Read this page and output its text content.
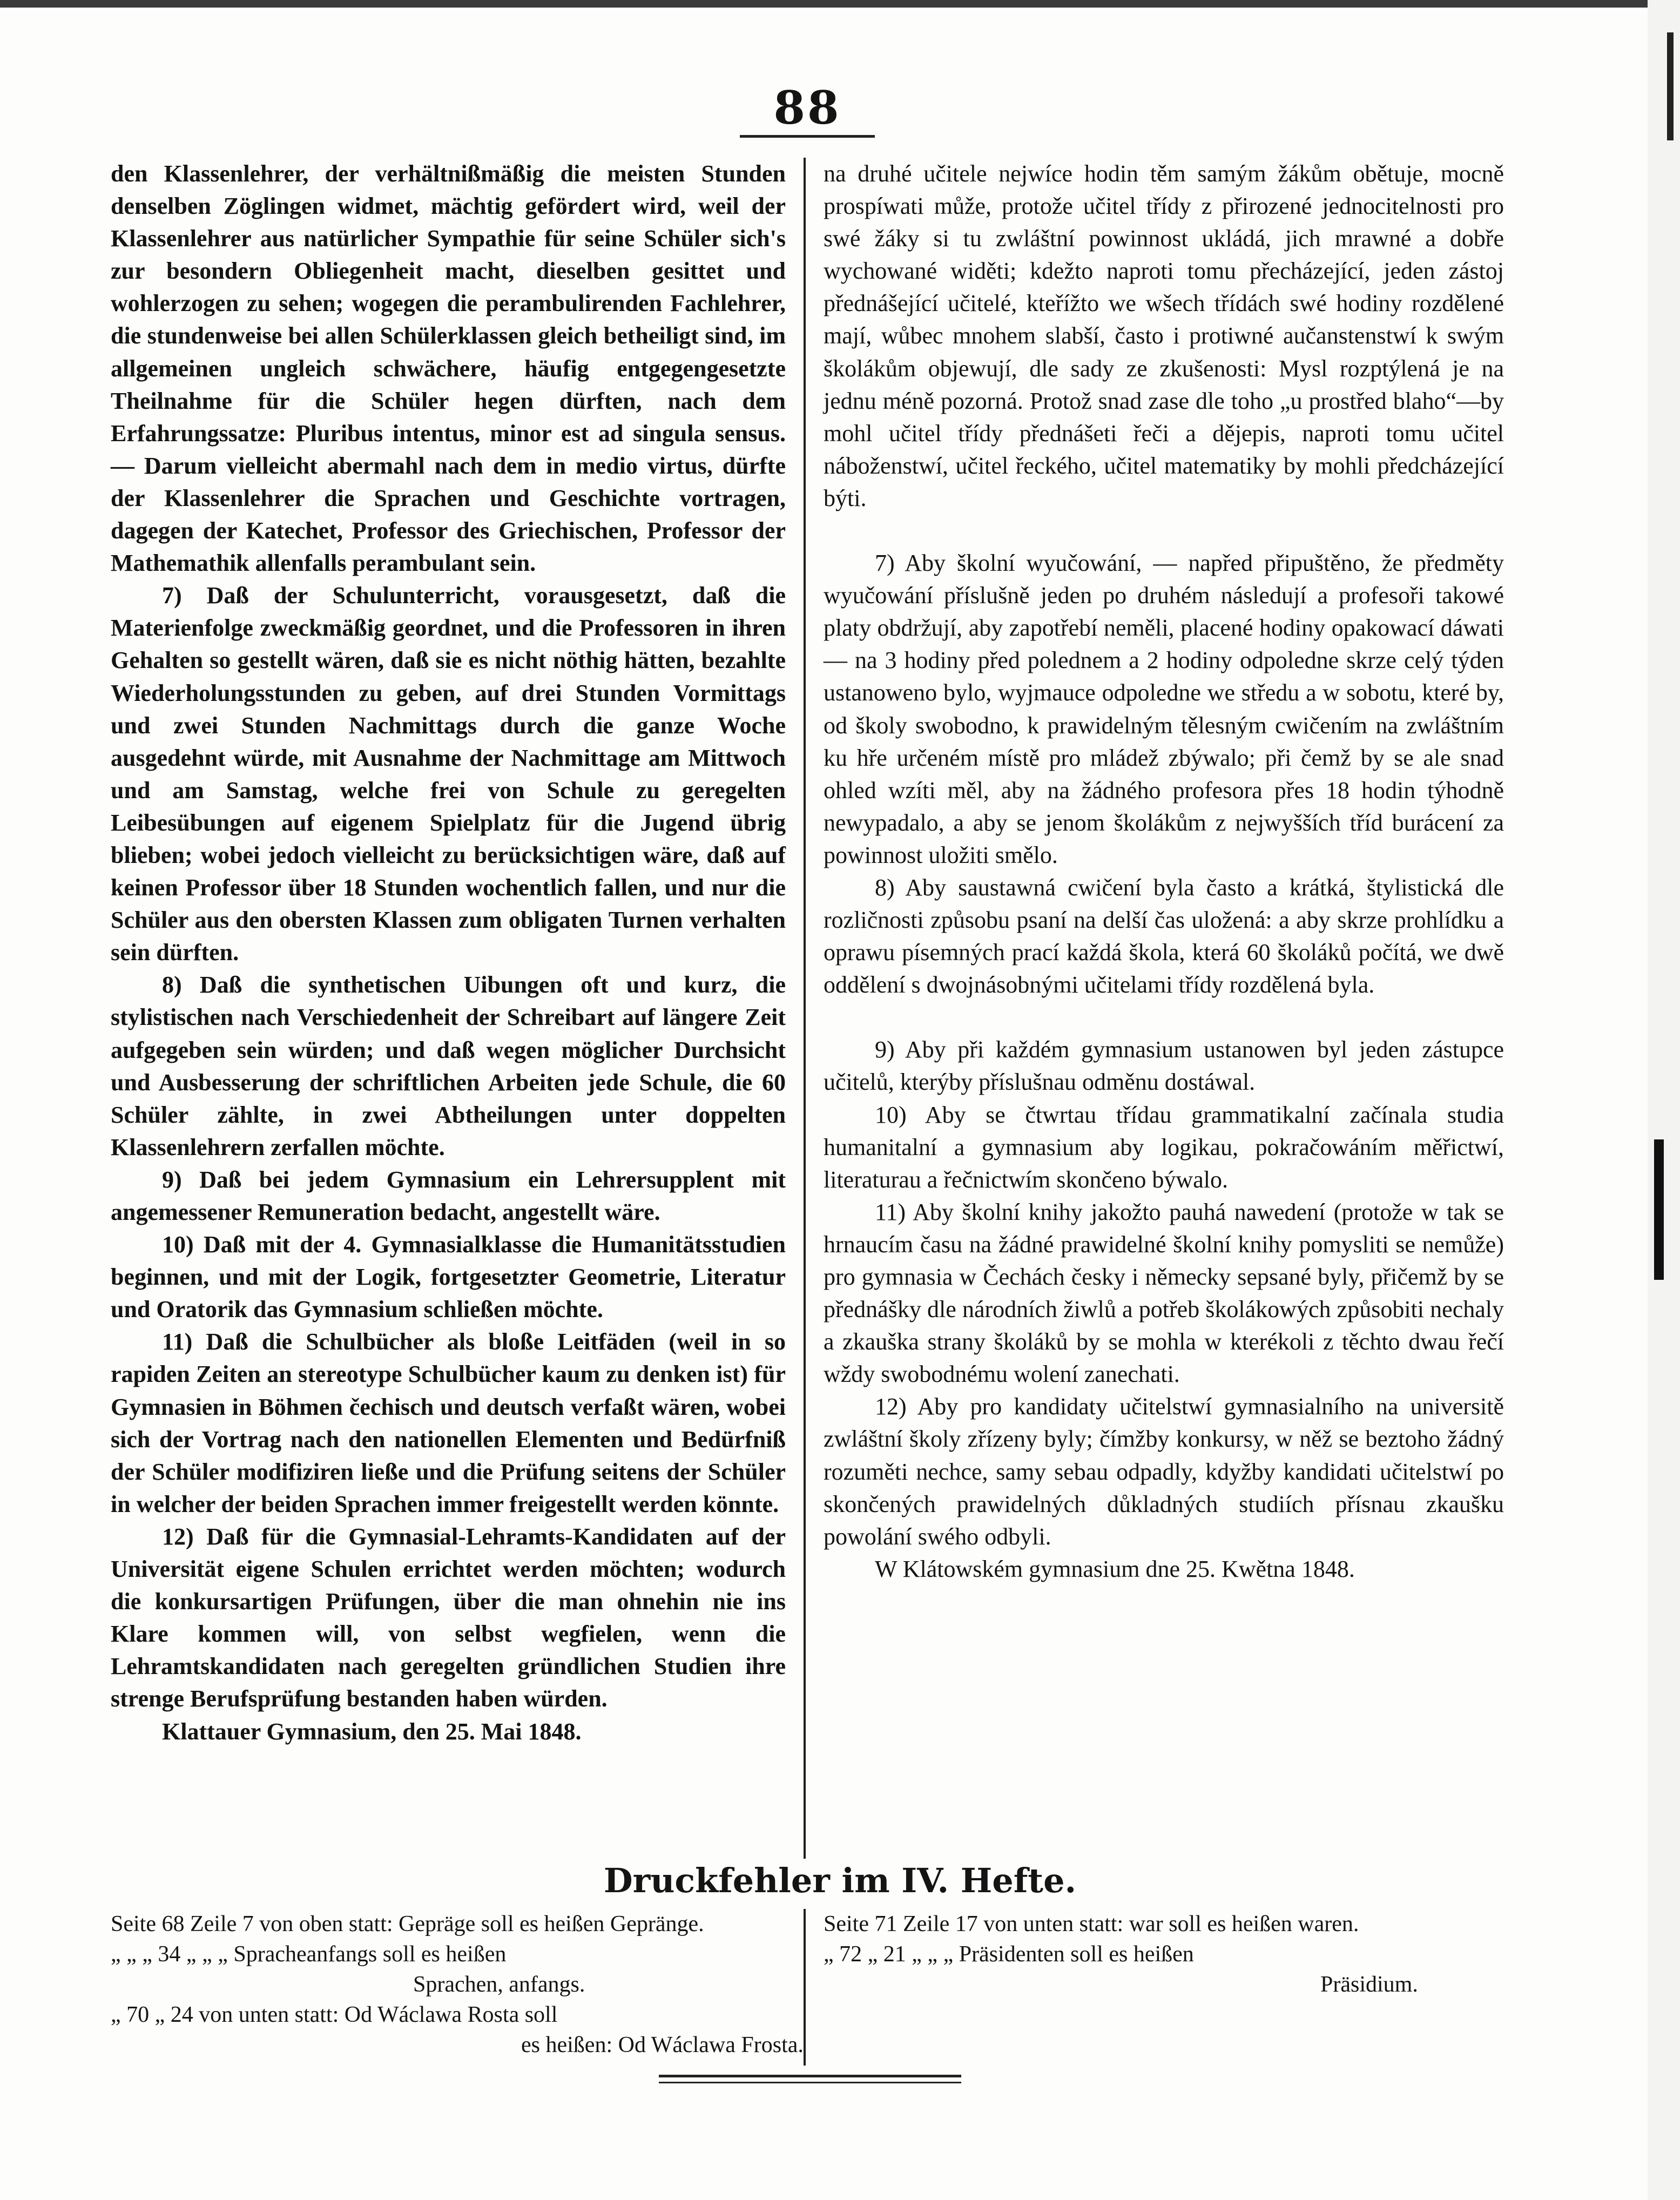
88

den Klassenlehrer, der verhältnißmäßig die meisten Stunden denselben Zöglingen widmet, mächtig gefördert wird, weil der Klassenlehrer aus natürlicher Sympathie für seine Schüler sich's zur besondern Obliegenheit macht, dieselben gesittet und wohlerzogen zu sehen; wogegen die perambulirenden Fachlehrer, die stundenweise bei allen Schülerklassen gleich betheiligt sind, im allgemeinen ungleich schwächere, häufig entgegengesetzte Theilnahme für die Schüler hegen dürften, nach dem Erfahrungssatze: Pluribus intentus, minor est ad singula sensus. — Darum vielleicht abermahl nach dem in medio virtus, dürfte der Klassenlehrer die Sprachen und Geschichte vortragen, dagegen der Katechet, Professor des Griechischen, Professor der Mathemathik allenfalls perambulant sein.

7) Daß der Schulunterricht, vorausgesetzt, daß die Materienfolge zweckmäßig geordnet, und die Professoren in ihren Gehalten so gestellt wären, daß sie es nicht nöthig hätten, bezahlte Wiederholungsstunden zu geben, auf drei Stunden Vormittags und zwei Stunden Nachmittags durch die ganze Woche ausgedehnt würde, mit Ausnahme der Nachmittage am Mittwoch und am Samstag, welche frei von Schule zu geregelten Leibesübungen auf eigenem Spielplatz für die Jugend übrig blieben; wobei jedoch vielleicht zu berücksichtigen wäre, daß auf keinen Professor über 18 Stunden wochentlich fallen, und nur die Schüler aus den obersten Klassen zum obligaten Turnen verhalten sein dürften.

8) Daß die synthetischen Uibungen oft und kurz, die stylistischen nach Verschiedenheit der Schreibart auf längere Zeit aufgegeben sein würden; und daß wegen möglicher Durchsicht und Ausbesserung der schriftlichen Arbeiten jede Schule, die 60 Schüler zählte, in zwei Abtheilungen unter doppelten Klassenlehrern zerfallen möchte.

9) Daß bei jedem Gymnasium ein Lehrersupplent mit angemessener Remuneration bedacht, angestellt wäre.

10) Daß mit der 4. Gymnasialklasse die Humanitätsstudien beginnen, und mit der Logik, fortgesetzter Geometrie, Literatur und Oratorik das Gymnasium schließen möchte.

11) Daß die Schulbücher als bloße Leitfäden (weil in so rapiden Zeiten an stereotype Schulbücher kaum zu denken ist) für Gymnasien in Böhmen čechisch und deutsch verfaßt wären, wobei sich der Vortrag nach den nationellen Elementen und Bedürfniß der Schüler modifiziren ließe und die Prüfung seitens der Schüler in welcher der beiden Sprachen immer freigestellt werden könnte.

12) Daß für die Gymnasial-Lehramts-Kandidaten auf der Universität eigene Schulen errichtet werden möchten; wodurch die konkursartigen Prüfungen, über die man ohnehin nie ins Klare kommen will, von selbst wegfielen, wenn die Lehramtskandidaten nach geregelten gründlichen Studien ihre strenge Berufsprüfung bestanden haben würden.

Klattauer Gymnasium, den 25. Mai 1848.

na druhé učitele nejwíce hodin těm samým žákům obětuje, mocně prospíwati může, protože učitel třídy z přirozené jednocitelnosti pro swé žáky si tu zwláštní powinnost ukládá, jich mrawné a dobře wychowané widěti; kdežto naproti tomu přecházející, jeden zástoj přednášející učitelé, kteřížto we wšech třídách swé hodiny rozdělené mají, wůbec mnohem slabší, často i protiwné aučanstenstwí k swým školákům objewují, dle sady ze zkušenosti: Mysl rozptýlená je na jednu méně pozorná. Protož snad zase dle toho „u prostřed blaho“—by mohl učitel třídy přednášeti řeči a dějepis, naproti tomu učitel náboženstwí, učitel řeckého, učitel matematiky by mohli předcházející býti.

7) Aby školní wyučowání, — napřed připuštěno, že předměty wyučowání příslušně jeden po druhém následují a profesoři takowé platy obdržují, aby zapotřebí neměli, placené hodiny opakowací dáwati — na 3 hodiny před polednem a 2 hodiny odpoledne skrze celý týden ustanoweno bylo, wyjmauce odpoledne we středu a w sobotu, které by, od školy swobodno, k prawidelným tělesným cwičením na zwláštním ku hře určeném místě pro mládež zbýwalo; při čemž by se ale snad ohled wzíti měl, aby na žádného profesora přes 18 hodin týhodně newypadalo, a aby se jenom školákům z nejwyšších tříd burácení za powinnost uložiti smělo.

8) Aby saustawná cwičení byla často a krátká, štylistická dle rozličnosti způsobu psaní na delší čas uložená: a aby skrze prohlídku a oprawu písemných prací každá škola, která 60 školáků počítá, we dwě oddělení s dwojnásobnými učitelami třídy rozdělená byla.

9) Aby při každém gymnasium ustanowen byl jeden zástupce učitelů, kterýby příslušnau odměnu dostáwal.

10) Aby se čtwrtau třídau grammatikalní začínala studia humanitalní a gymnasium aby logikau, pokračowáním měřictwí, literaturau a řečnictwím skončeno býwalo.

11) Aby školní knihy jakožto pauhá nawedení (protože w tak se hrnaucím času na žádné prawidelné školní knihy pomysliti se nemůže) pro gymnasia w Čechách česky i německy sepsané byly, přičemž by se přednášky dle národních žiwlů a potřeb školákowých způsobiti nechaly a zkauška strany školáků by se mohla w kterékoli z těchto dwau řečí wždy swobodnému wolení zanechati.

12) Aby pro kandidaty učitelstwí gymnasialního na universitě zwláštní školy zřízeny byly; čímžby konkursy, w něž se beztoho žádný rozuměti nechce, samy sebau odpadly, kdyžby kandidati učitelstwí po skončených prawidelných důkladných studiích přísnau zkaušku powolání swého odbyli.

W Klátowském gymnasium dne 25. Kwětna 1848.

Druckfehler im IV. Hefte.
Seite 68 Zeile 7 von oben statt: Gepräge soll es heißen Gepränge.
„ „ „ 34 „ „ „ Spracheanfangs soll es heißen
Sprachen, anfangs.
„ 70 „ 24 von unten statt: Od Wáclawa Rosta soll
es heißen: Od Wáclawa Frosta.
Seite 71 Zeile 17 von unten statt: war soll es heißen waren.
„ 72 „ 21 „ „ „ Präsidenten soll es heißen
Präsidium.
